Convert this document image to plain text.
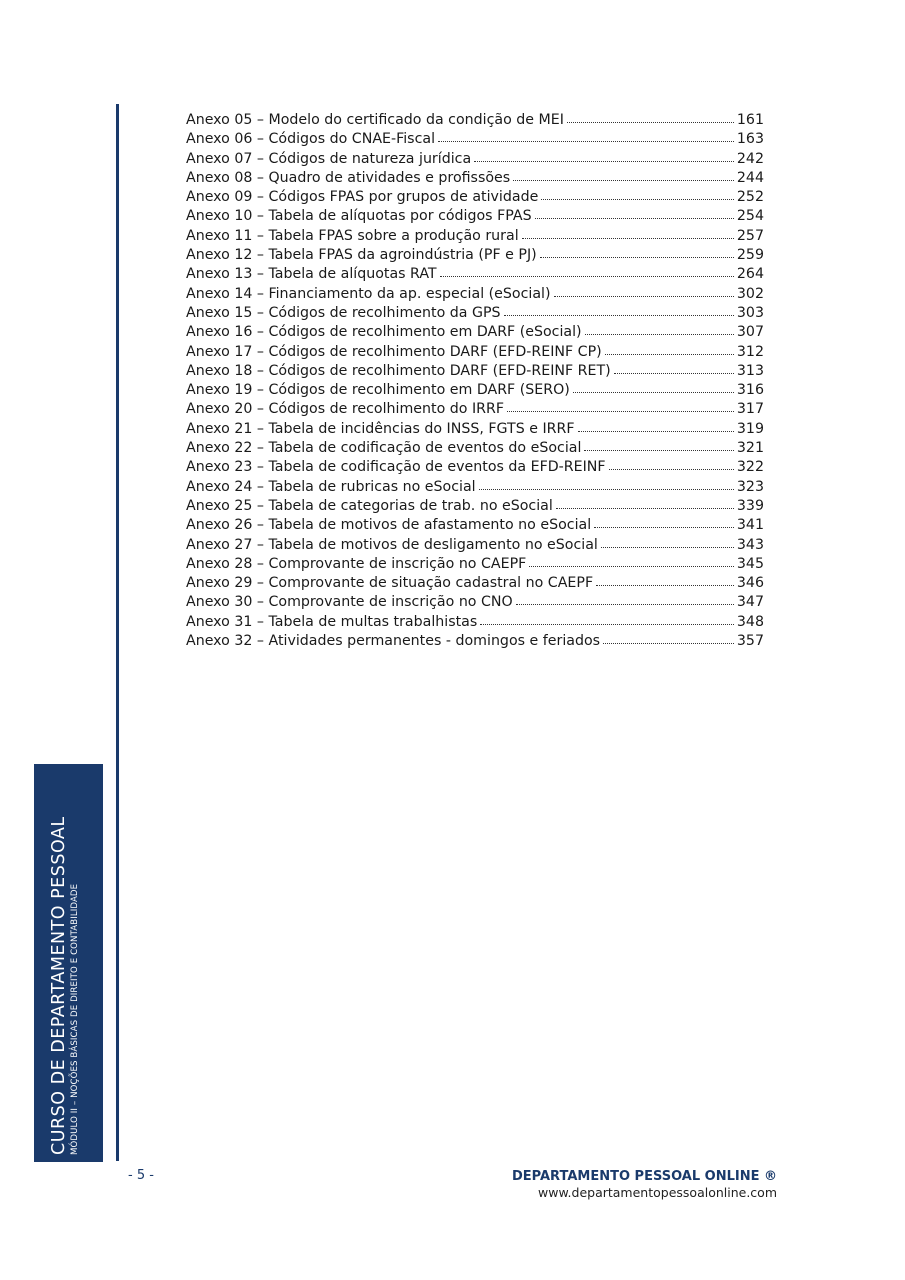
Anexo 05 – Modelo do certificado da condição de MEI	161
Anexo 06 – Códigos do CNAE-Fiscal	163
Anexo 07 – Códigos de natureza jurídica	242
Anexo 08 – Quadro de atividades e profissões	244
Anexo 09 – Códigos FPAS por grupos de atividade	252
Anexo 10 – Tabela de alíquotas por códigos FPAS	254
Anexo 11 – Tabela FPAS sobre a produção rural	257
Anexo 12 – Tabela FPAS da agroindústria (PF e PJ)	259
Anexo 13 – Tabela de alíquotas RAT	264
Anexo 14 – Financiamento da ap. especial (eSocial)	302
Anexo 15 – Códigos de recolhimento da GPS	303
Anexo 16 – Códigos de recolhimento em DARF (eSocial)	307
Anexo 17 – Códigos de recolhimento DARF (EFD-REINF CP)	312
Anexo 18 – Códigos de recolhimento DARF (EFD-REINF RET)	313
Anexo 19 – Códigos de recolhimento em DARF (SERO)	316
Anexo 20 – Códigos de recolhimento do IRRF	317
Anexo 21 – Tabela de incidências do INSS, FGTS e IRRF	319
Anexo 22 – Tabela de codificação de eventos do eSocial	321
Anexo 23 – Tabela de codificação de eventos da EFD-REINF	322
Anexo 24 – Tabela de rubricas no eSocial	323
Anexo 25 – Tabela de categorias de trab. no eSocial	339
Anexo 26 – Tabela de motivos de afastamento no eSocial	341
Anexo 27 – Tabela de motivos de desligamento no eSocial	343
Anexo 28 – Comprovante de inscrição no CAEPF	345
Anexo 29 – Comprovante de situação cadastral no CAEPF	346
Anexo 30 – Comprovante de inscrição no CNO	347
Anexo 31 – Tabela de multas trabalhistas	348
Anexo 32 – Atividades permanentes - domingos e feriados	357
CURSO DE DEPARTAMENTO PESSOAL MÓDULO II – NOÇÕES BÁSICAS DE DIREITO E CONTABILIDADE
- 5 -	DEPARTAMENTO PESSOAL ONLINE ®
www.departamentopessoalonline.com
